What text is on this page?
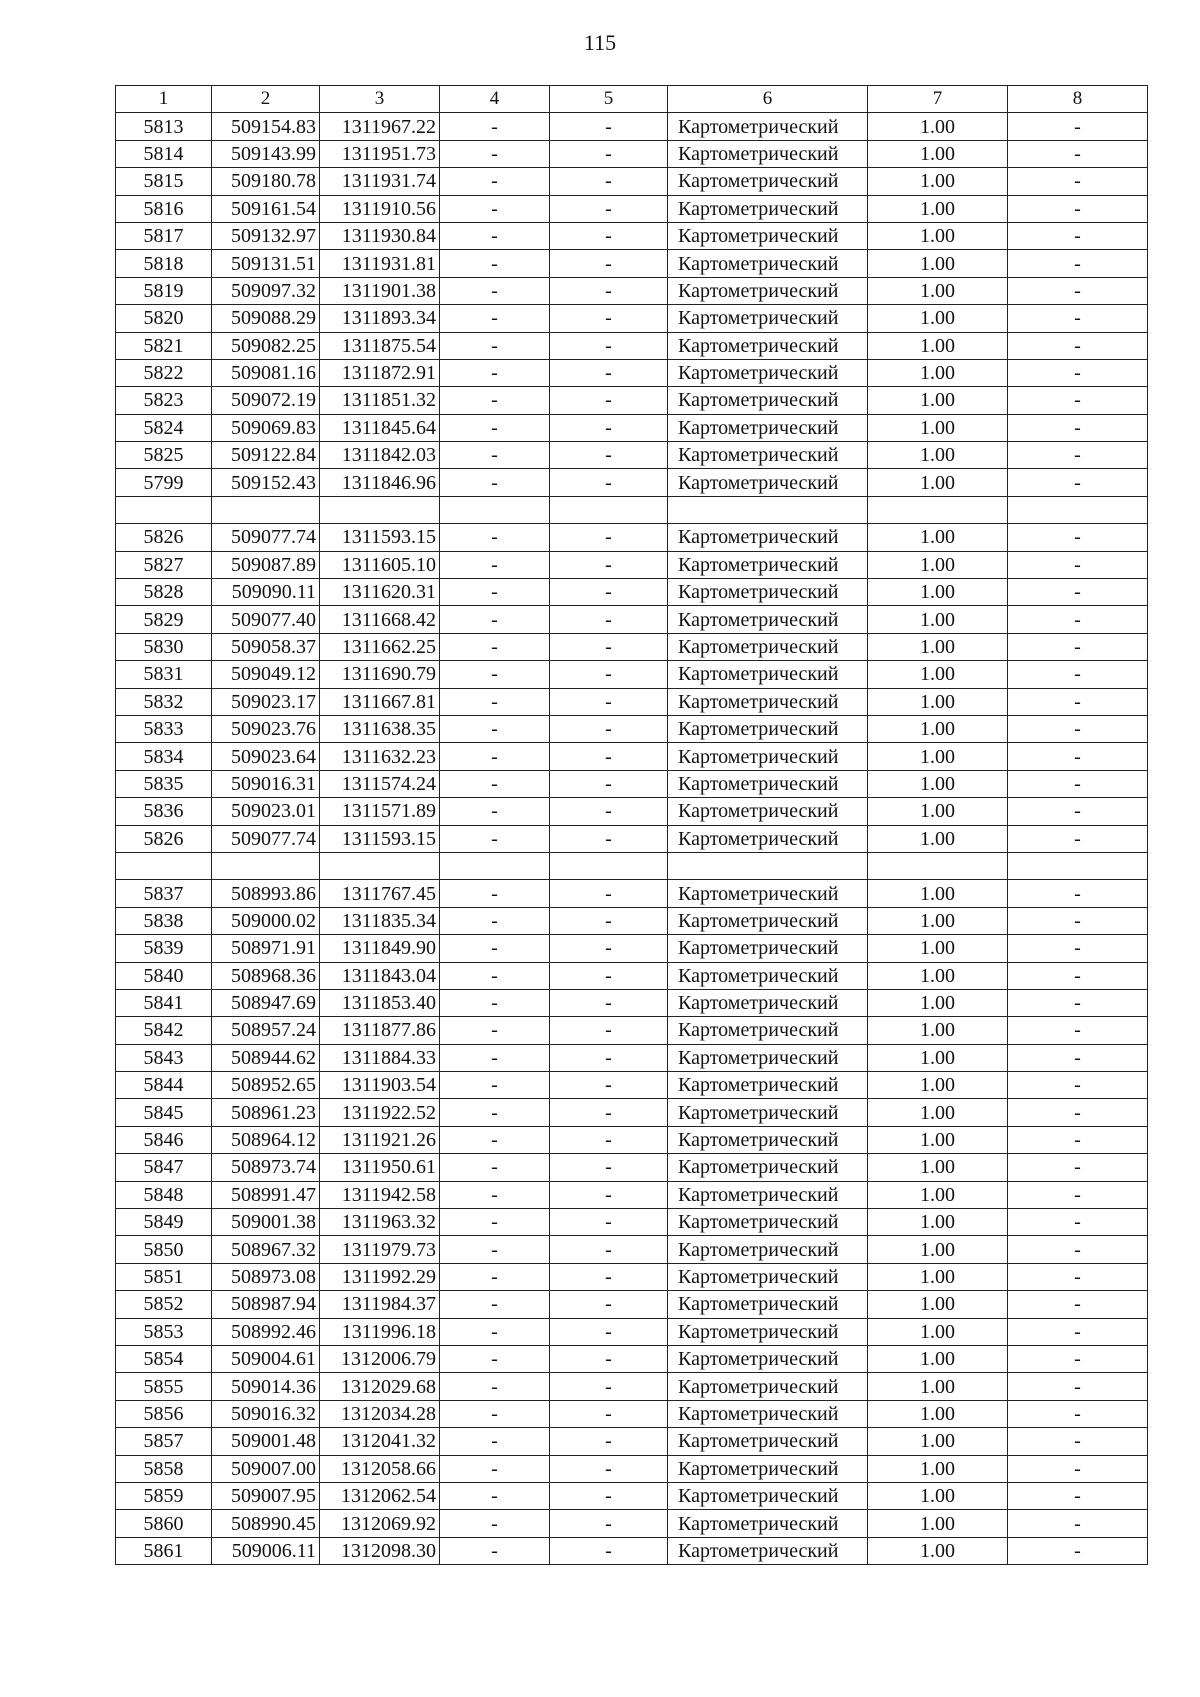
115
1	2	3	4	5	6	7	8
5813	509154.83	1311967.22	-	-	Картометрический	1.00	-
5814	509143.99	1311951.73	-	-	Картометрический	1.00	-
5815	509180.78	1311931.74	-	-	Картометрический	1.00	-
5816	509161.54	1311910.56	-	-	Картометрический	1.00	-
5817	509132.97	1311930.84	-	-	Картометрический	1.00	-
5818	509131.51	1311931.81	-	-	Картометрический	1.00	-
5819	509097.32	1311901.38	-	-	Картометрический	1.00	-
5820	509088.29	1311893.34	-	-	Картометрический	1.00	-
5821	509082.25	1311875.54	-	-	Картометрический	1.00	-
5822	509081.16	1311872.91	-	-	Картометрический	1.00	-
5823	509072.19	1311851.32	-	-	Картометрический	1.00	-
5824	509069.83	1311845.64	-	-	Картометрический	1.00	-
5825	509122.84	1311842.03	-	-	Картометрический	1.00	-
5799	509152.43	1311846.96	-	-	Картометрический	1.00	-

5826	509077.74	1311593.15	-	-	Картометрический	1.00	-
5827	509087.89	1311605.10	-	-	Картометрический	1.00	-
5828	509090.11	1311620.31	-	-	Картометрический	1.00	-
5829	509077.40	1311668.42	-	-	Картометрический	1.00	-
5830	509058.37	1311662.25	-	-	Картометрический	1.00	-
5831	509049.12	1311690.79	-	-	Картометрический	1.00	-
5832	509023.17	1311667.81	-	-	Картометрический	1.00	-
5833	509023.76	1311638.35	-	-	Картометрический	1.00	-
5834	509023.64	1311632.23	-	-	Картометрический	1.00	-
5835	509016.31	1311574.24	-	-	Картометрический	1.00	-
5836	509023.01	1311571.89	-	-	Картометрический	1.00	-
5826	509077.74	1311593.15	-	-	Картометрический	1.00	-

5837	508993.86	1311767.45	-	-	Картометрический	1.00	-
5838	509000.02	1311835.34	-	-	Картометрический	1.00	-
5839	508971.91	1311849.90	-	-	Картометрический	1.00	-
5840	508968.36	1311843.04	-	-	Картометрический	1.00	-
5841	508947.69	1311853.40	-	-	Картометрический	1.00	-
5842	508957.24	1311877.86	-	-	Картометрический	1.00	-
5843	508944.62	1311884.33	-	-	Картометрический	1.00	-
5844	508952.65	1311903.54	-	-	Картометрический	1.00	-
5845	508961.23	1311922.52	-	-	Картометрический	1.00	-
5846	508964.12	1311921.26	-	-	Картометрический	1.00	-
5847	508973.74	1311950.61	-	-	Картометрический	1.00	-
5848	508991.47	1311942.58	-	-	Картометрический	1.00	-
5849	509001.38	1311963.32	-	-	Картометрический	1.00	-
5850	508967.32	1311979.73	-	-	Картометрический	1.00	-
5851	508973.08	1311992.29	-	-	Картометрический	1.00	-
5852	508987.94	1311984.37	-	-	Картометрический	1.00	-
5853	508992.46	1311996.18	-	-	Картометрический	1.00	-
5854	509004.61	1312006.79	-	-	Картометрический	1.00	-
5855	509014.36	1312029.68	-	-	Картометрический	1.00	-
5856	509016.32	1312034.28	-	-	Картометрический	1.00	-
5857	509001.48	1312041.32	-	-	Картометрический	1.00	-
5858	509007.00	1312058.66	-	-	Картометрический	1.00	-
5859	509007.95	1312062.54	-	-	Картометрический	1.00	-
5860	508990.45	1312069.92	-	-	Картометрический	1.00	-
5861	509006.11	1312098.30	-	-	Картометрический	1.00	-
